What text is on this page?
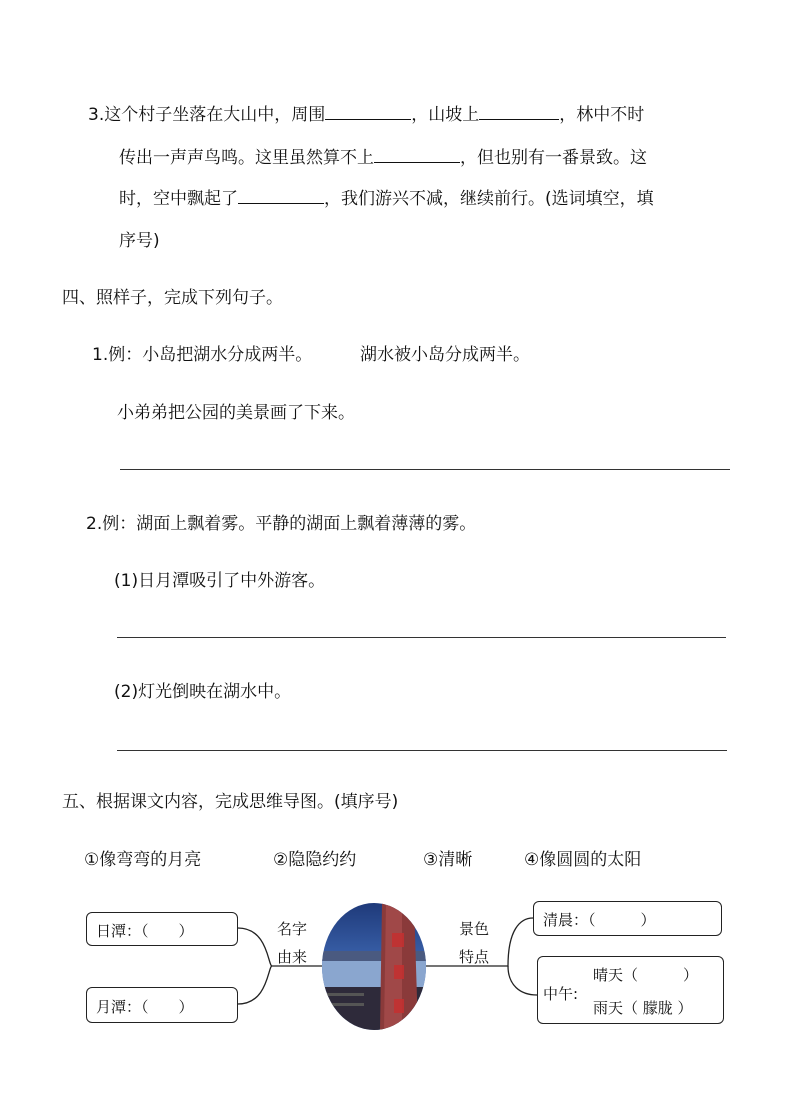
3.这个村子坐落在大山中，周围	，山坡上	，林中不时
传出一声声鸟鸣。这里虽然算不上	，但也别有一番景致。这
时，空中飘起了	，我们游兴不减，继续前行。(选词填空，填
序号)
四、照样子，完成下列句子。
1.例：小岛把湖水分成两半。	湖水被小岛分成两半。
小弟弟把公园的美景画了下来。
2.例：湖面上飘着雾。平静的湖面上飘着薄薄的雾。
(1)日月潭吸引了中外游客。
(2)灯光倒映在湖水中。
五、根据课文内容，完成思维导图。(填序号)
①像弯弯的月亮	②隐隐约约	③清晰	④像圆圆的太阳
日潭：（　　）
月潭：（　　）
名字
由来
景色
特点
清晨：（　　　）
中午:
晴天（　　　）
雨天（ 朦胧 ）
